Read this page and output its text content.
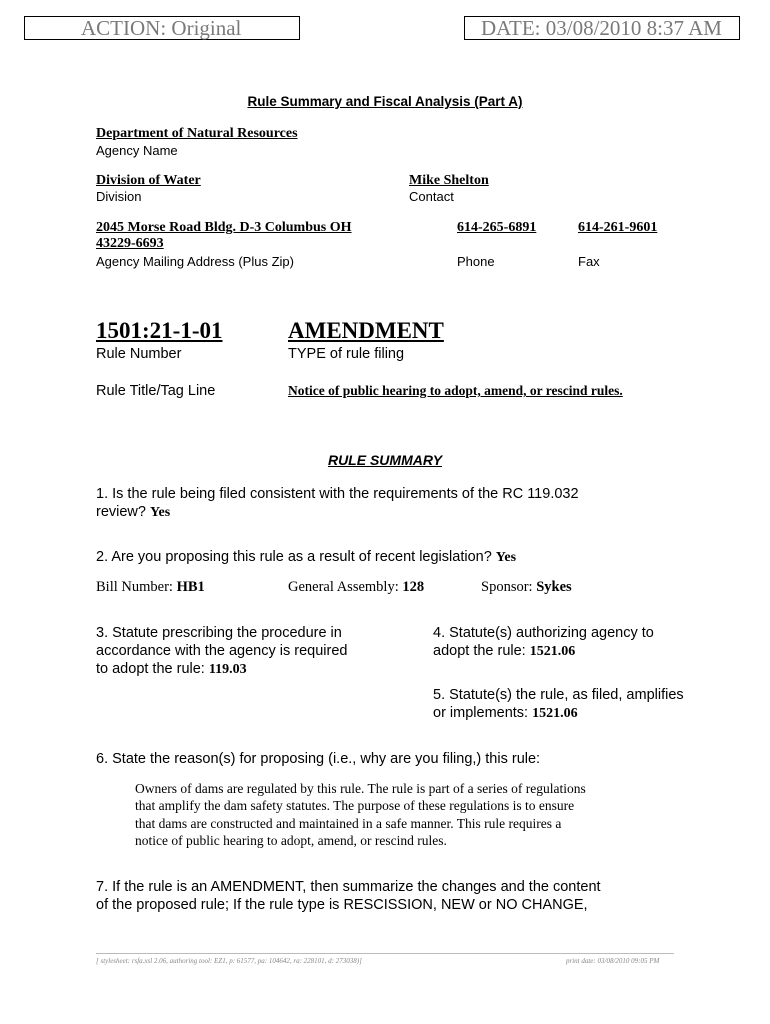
ACTION: Original	DATE: 03/08/2010 8:37 AM
Rule Summary and Fiscal Analysis (Part A)
Department of Natural Resources
Agency Name
Division of Water
Division
Mike Shelton
Contact
2045 Morse Road Bldg. D-3 Columbus OH
43229-6693
Agency Mailing Address (Plus Zip)
614-265-6891
Phone
614-261-9601
Fax
1501:21-1-01
Rule Number
AMENDMENT
TYPE of rule filing
Rule Title/Tag Line	Notice of public hearing to adopt, amend, or rescind rules.
RULE SUMMARY
1. Is the rule being filed consistent with the requirements of the RC 119.032
review? Yes
2. Are you proposing this rule as a result of recent legislation? Yes
Bill Number: HB1	General Assembly: 128	Sponsor: Sykes
3. Statute prescribing the procedure in
accordance with the agency is required
to adopt the rule: 119.03
4. Statute(s) authorizing agency to
adopt the rule: 1521.06
5. Statute(s) the rule, as filed, amplifies
or implements: 1521.06
6. State the reason(s) for proposing (i.e., why are you filing,) this rule:
Owners of dams are regulated by this rule. The rule is part of a series of regulations
that amplify the dam safety statutes. The purpose of these regulations is to ensure
that dams are constructed and maintained in a safe manner. This rule requires a
notice of public hearing to adopt, amend, or rescind rules.
7. If the rule is an AMENDMENT, then summarize the changes and the content
of the proposed rule; If the rule type is RESCISSION, NEW or NO CHANGE,
[ stylesheet: rsfa.xsl 2.06, authoring tool: EZ1, p: 61577, pa: 104642, ra: 228101, d: 273038)]	print date: 03/08/2010 09:05 PM
